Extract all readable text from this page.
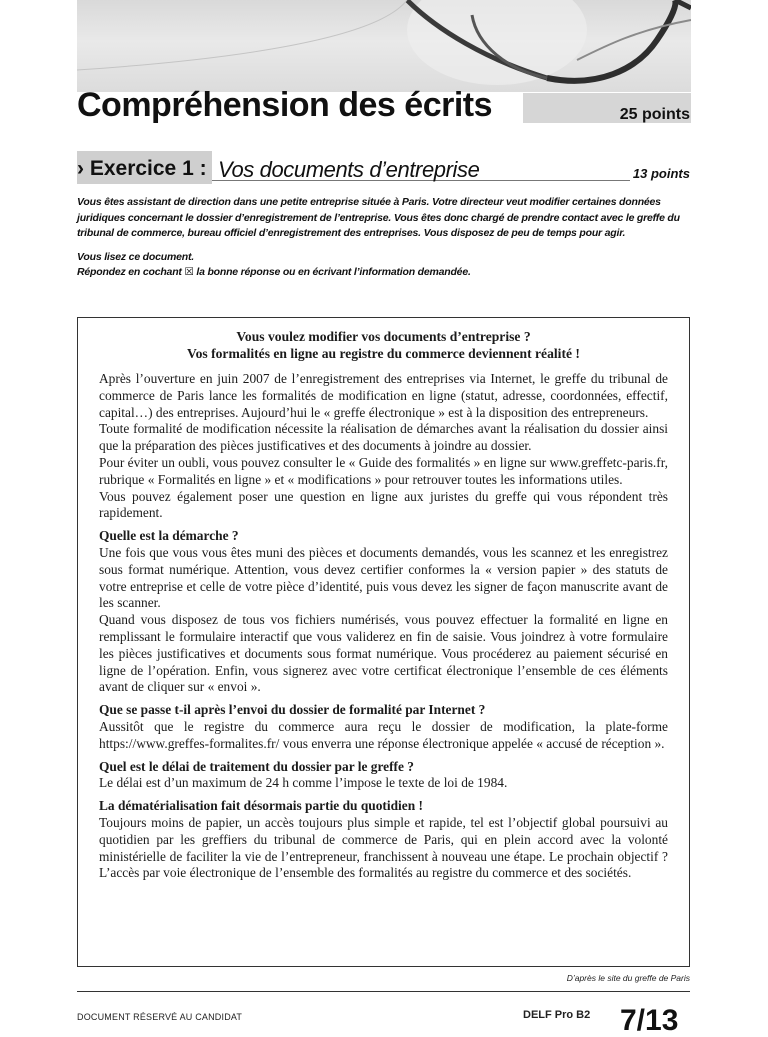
Compréhension des écrits	25 points
› Exercice 1 : Vos documents d’entreprise	13 points

Vous êtes assistant de direction dans une petite entreprise située à Paris. Votre directeur veut modifier certaines données juridiques concernant le dossier d’enregistrement de l’entreprise. Vous êtes donc chargé de prendre contact avec le greffe du tribunal de commerce, bureau officiel d’enregistrement des entreprises. Vous disposez de peu de temps pour agir.

Vous lisez ce document.

Répondez en cochant ☒ la bonne réponse ou en écrivant l’information demandée.

Vous voulez modifier vos documents d’entreprise ?
Vos formalités en ligne au registre du commerce deviennent réalité !

Après l’ouverture en juin 2007 de l’enregistrement des entreprises via Internet, le greffe du tribunal de commerce de Paris lance les formalités de modification en ligne (statut, adresse, coordonnées, effectif, capital…) des entreprises. Aujourd’hui le « greffe électronique » est à la disposition des entrepreneurs.

Toute formalité de modification nécessite la réalisation de démarches avant la réalisation du dossier ainsi que la préparation des pièces justificatives et des documents à joindre au dossier.

Pour éviter un oubli, vous pouvez consulter le « Guide des formalités » en ligne sur www.greffetc-paris.fr, rubrique « Formalités en ligne » et « modifications » pour retrouver toutes les informations utiles.

Vous pouvez également poser une question en ligne aux juristes du greffe qui vous répondent très rapidement.

Quelle est la démarche ?

Une fois que vous vous êtes muni des pièces et documents demandés, vous les scannez et les enregistrez sous format numérique. Attention, vous devez certifier conformes la « version papier » des statuts de votre entreprise et celle de votre pièce d’identité, puis vous devez les signer de façon manuscrite avant de les scanner.

Quand vous disposez de tous vos fichiers numérisés, vous pouvez effectuer la formalité en ligne en remplissant le formulaire interactif que vous validerez en fin de saisie. Vous joindrez à votre formulaire les pièces justificatives et documents sous format numérique. Vous procéderez au paiement sécurisé en ligne de l’opération. Enfin, vous signerez avec votre certificat électronique l’ensemble de ces éléments avant de cliquer sur « envoi ».

Que se passe t-il après l’envoi du dossier de formalité par Internet ?

Aussitôt que le registre du commerce aura reçu le dossier de modification, la plate-forme https://www.greffes-formalites.fr/ vous enverra une réponse électronique appelée « accusé de réception ».

Quel est le délai de traitement du dossier par le greffe ?

Le délai est d’un maximum de 24 h comme l’impose le texte de loi de 1984.

La dématérialisation fait désormais partie du quotidien !

Toujours moins de papier, un accès toujours plus simple et rapide, tel est l’objectif global poursuivi au quotidien par les greffiers du tribunal de commerce de Paris, qui en plein accord avec la volonté ministérielle de faciliter la vie de l’entrepreneur, franchissent à nouveau une étape. Le prochain objectif ? L’accès par voie électronique de l’ensemble des formalités au registre du commerce et des sociétés.

D’après le site du greffe de Paris
DOCUMENT RÉSERVÉ AU CANDIDAT	DELF Pro B2 7/13
